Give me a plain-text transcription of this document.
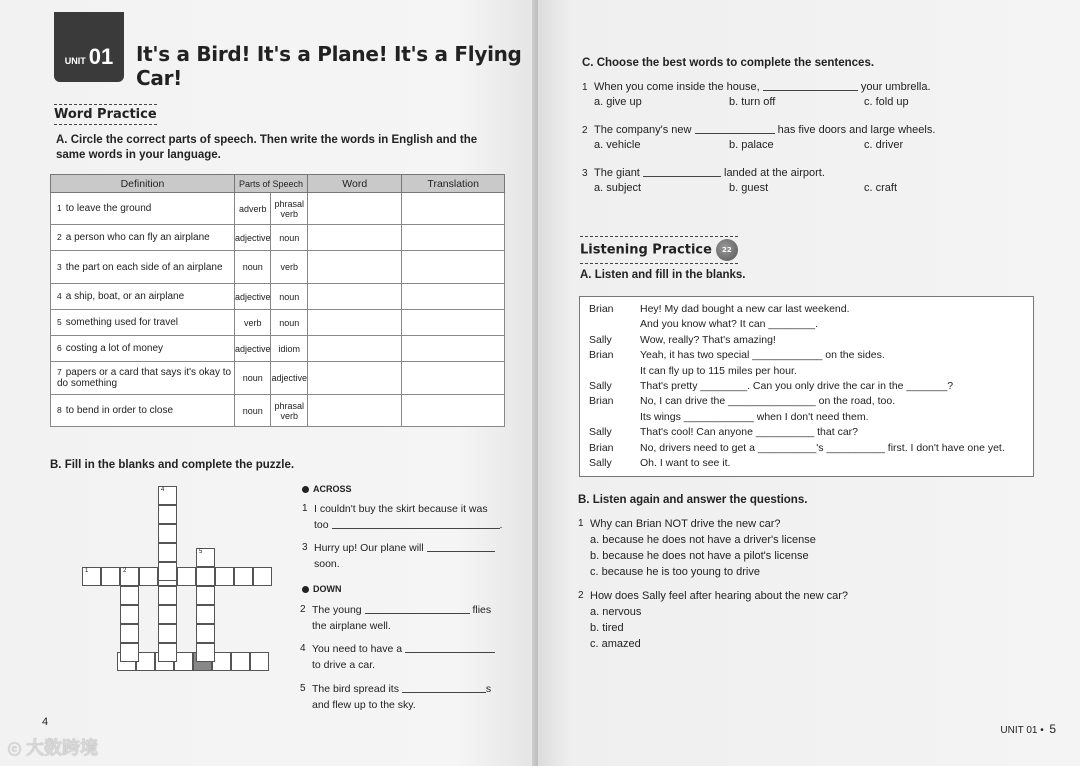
UNIT 01 It's a Bird! It's a Plane! It's a Flying Car!
Word Practice
A. Circle the correct parts of speech. Then write the words in English and the same words in your language.
Definition	Parts of Speech		Word	Translation
1 to leave the ground	adverb	phrasal verb		
2 a person who can fly an airplane	adjective	noun		
3 the part on each side of an airplane	noun	verb		
4 a ship, boat, or an airplane	adjective	noun		
5 something used for travel	verb	noun		
6 costing a lot of money	adjective	idiom		
7 papers or a card that says it's okay to do something	noun	adjective		
8 to bend in order to close	noun	phrasal verb		
B. Fill in the blanks and complete the puzzle.
1	2
4
5
ACROSS
1 I couldn't buy the skirt because it was
too	.
3 Hurry up! Our plane will
soon.
DOWN
2 The young	flies
the airplane well.
4 You need to have a
to drive a car.
5 The bird spread its	s
and flew up to the sky.
4
ⓒ 大数跨境
C. Choose the best words to complete the sentences.
1 When you come inside the house,	your umbrella.
a. give up	b. turn off	c. fold up
2 The company's new	has five doors and large wheels.
a. vehicle	b. palace	c. driver
3 The giant	landed at the airport.
a. subject	b. guest	c. craft
Listening Practice 22
A. Listen and fill in the blanks.
B. Listen again and answer the questions.
1 Why can Brian NOT drive the new car?
a. because he does not have a driver's license
b. because he does not have a pilot's license
c. because he is too young to drive
2 How does Sally feel after hearing about the new car?
a. nervous
b. tired
c. amazed
UNIT 01 • 5
Brian	Hey! My dad bought a new car last weekend.
And you know what? It can ________.
Sally	Wow, really? That's amazing!
Brian	Yeah, it has two special ____________ on the sides.
It can fly up to 115 miles per hour.
Sally	That's pretty ________. Can you only drive the car in the _______?
Brian	No, I can drive the _______________ on the road, too.
Its wings ____________ when I don't need them.
Sally	That's cool! Can anyone __________ that car?
Brian	No, drivers need to get a __________'s __________ first. I don't have one yet.
Sally	Oh. I want to see it.
